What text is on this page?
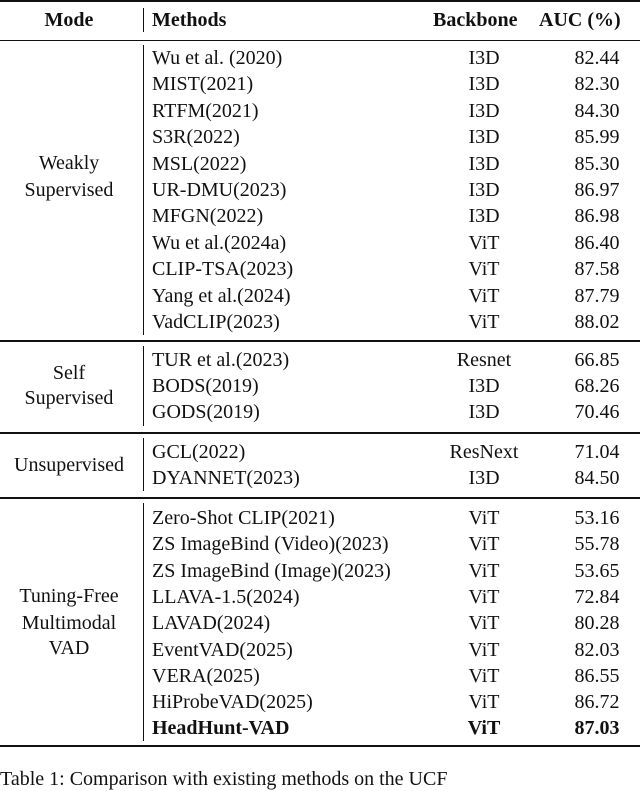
Mode	Methods	Backbone AUC (%)
Weakly
Supervised
Wu et al. (2020)	I3D	82.44
MIST(2021)	I3D	82.30
RTFM(2021)	I3D	84.30
S3R(2022)	I3D	85.99
MSL(2022)	I3D	85.30
UR-DMU(2023)	I3D	86.97
MFGN(2022)	I3D	86.98
Wu et al.(2024a)	ViT	86.40
CLIP-TSA(2023)	ViT	87.58
Yang et al.(2024)	ViT	87.79
VadCLIP(2023)	ViT	88.02
Self
Supervised
TUR et al.(2023)	Resnet	66.85
BODS(2019)	I3D	68.26
GODS(2019)	I3D	70.46
Unsupervised
GCL(2022)	ResNext	71.04
DYANNET(2023)	I3D	84.50
Tuning-Free
Multimodal
VAD
Zero-Shot CLIP(2021)	ViT	53.16
ZS ImageBind (Video)(2023)	ViT	55.78
ZS ImageBind (Image)(2023)	ViT	53.65
LLAVA-1.5(2024)	ViT	72.84
LAVAD(2024)	ViT	80.28
EventVAD(2025)	ViT	82.03
VERA(2025)	ViT	86.55
HiProbeVAD(2025)	ViT	86.72
HeadHunt-VAD	ViT	87.03
Table 1: Comparison with existing methods on the UCF
